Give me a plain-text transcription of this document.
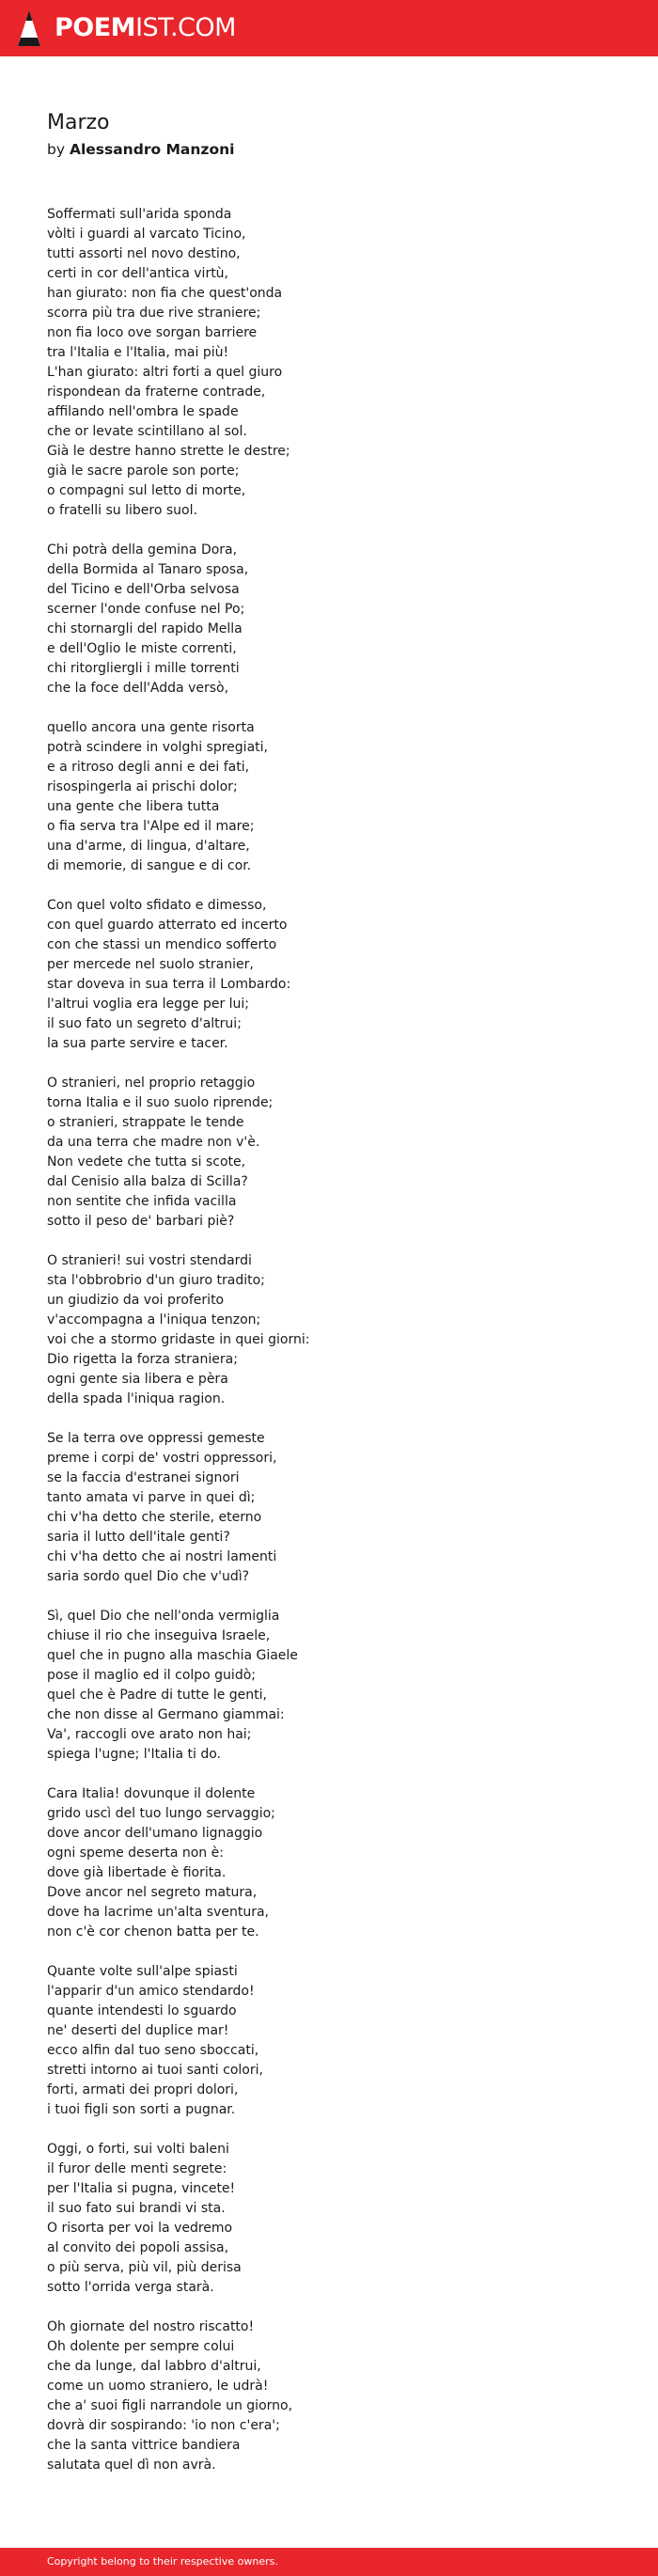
POEMIST.COM
Marzo
by Alessandro Manzoni
Soffermati sull'arida sponda
vòlti i guardi al varcato Ticino,
tutti assorti nel novo destino,
certi in cor dell'antica virtù,
han giurato: non fia che quest'onda
scorra più tra due rive straniere;
non fia loco ove sorgan barriere
tra l'Italia e l'Italia, mai più!
L'han giurato: altri forti a quel giuro
rispondean da fraterne contrade,
affilando nell'ombra le spade
che or levate scintillano al sol.
Già le destre hanno strette le destre;
già le sacre parole son porte;
o compagni sul letto di morte,
o fratelli su libero suol.
Chi potrà della gemina Dora,
della Bormida al Tanaro sposa,
del Ticino e dell'Orba selvosa
scerner l'onde confuse nel Po;
chi stornargli del rapido Mella
e dell'Oglio le miste correnti,
chi ritorgliergli i mille torrenti
che la foce dell'Adda versò,
quello ancora una gente risorta
potrà scindere in volghi spregiati,
e a ritroso degli anni e dei fati,
risospingerla ai prischi dolor;
una gente che libera tutta
o fia serva tra l'Alpe ed il mare;
una d'arme, di lingua, d'altare,
di memorie, di sangue e di cor.
Con quel volto sfidato e dimesso,
con quel guardo atterrato ed incerto
con che stassi un mendico sofferto
per mercede nel suolo stranier,
star doveva in sua terra il Lombardo:
l'altrui voglia era legge per lui;
il suo fato un segreto d'altrui;
la sua parte servire e tacer.
O stranieri, nel proprio retaggio
torna Italia e il suo suolo riprende;
o stranieri, strappate le tende
da una terra che madre non v'è.
Non vedete che tutta si scote,
dal Cenisio alla balza di Scilla?
non sentite che infida vacilla
sotto il peso de' barbari piè?
O stranieri! sui vostri stendardi
sta l'obbrobrio d'un giuro tradito;
un giudizio da voi proferito
v'accompagna a l'iniqua tenzon;
voi che a stormo gridaste in quei giorni:
Dio rigetta la forza straniera;
ogni gente sia libera e pèra
della spada l'iniqua ragion.
Se la terra ove oppressi gemeste
preme i corpi de' vostri oppressori,
se la faccia d'estranei signori
tanto amata vi parve in quei dì;
chi v'ha detto che sterile, eterno
saria il lutto dell'itale genti?
chi v'ha detto che ai nostri lamenti
saria sordo quel Dio che v'udì?
Sì, quel Dio che nell'onda vermiglia
chiuse il rio che inseguiva Israele,
quel che in pugno alla maschia Giaele
pose il maglio ed il colpo guidò;
quel che è Padre di tutte le genti,
che non disse al Germano giammai:
Va', raccogli ove arato non hai;
spiega l'ugne; l'Italia ti do.
Cara Italia! dovunque il dolente
grido uscì del tuo lungo servaggio;
dove ancor dell'umano lignaggio
ogni speme deserta non è:
dove già libertade è fiorita.
Dove ancor nel segreto matura,
dove ha lacrime un'alta sventura,
non c'è cor chenon batta per te.
Quante volte sull'alpe spiasti
l'apparir d'un amico stendardo!
quante intendesti lo sguardo
ne' deserti del duplice mar!
ecco alfin dal tuo seno sboccati,
stretti intorno ai tuoi santi colori,
forti, armati dei propri dolori,
i tuoi figli son sorti a pugnar.
Oggi, o forti, sui volti baleni
il furor delle menti segrete:
per l'Italia si pugna, vincete!
il suo fato sui brandi vi sta.
O risorta per voi la vedremo
al convito dei popoli assisa,
o più serva, più vil, più derisa
sotto l'orrida verga starà.
Oh giornate del nostro riscatto!
Oh dolente per sempre colui
che da lunge, dal labbro d'altrui,
come un uomo straniero, le udrà!
che a' suoi figli narrandole un giorno,
dovrà dir sospirando: 'io non c'era';
che la santa vittrice bandiera
salutata quel dì non avrà.
Copyright belong to their respective owners.
